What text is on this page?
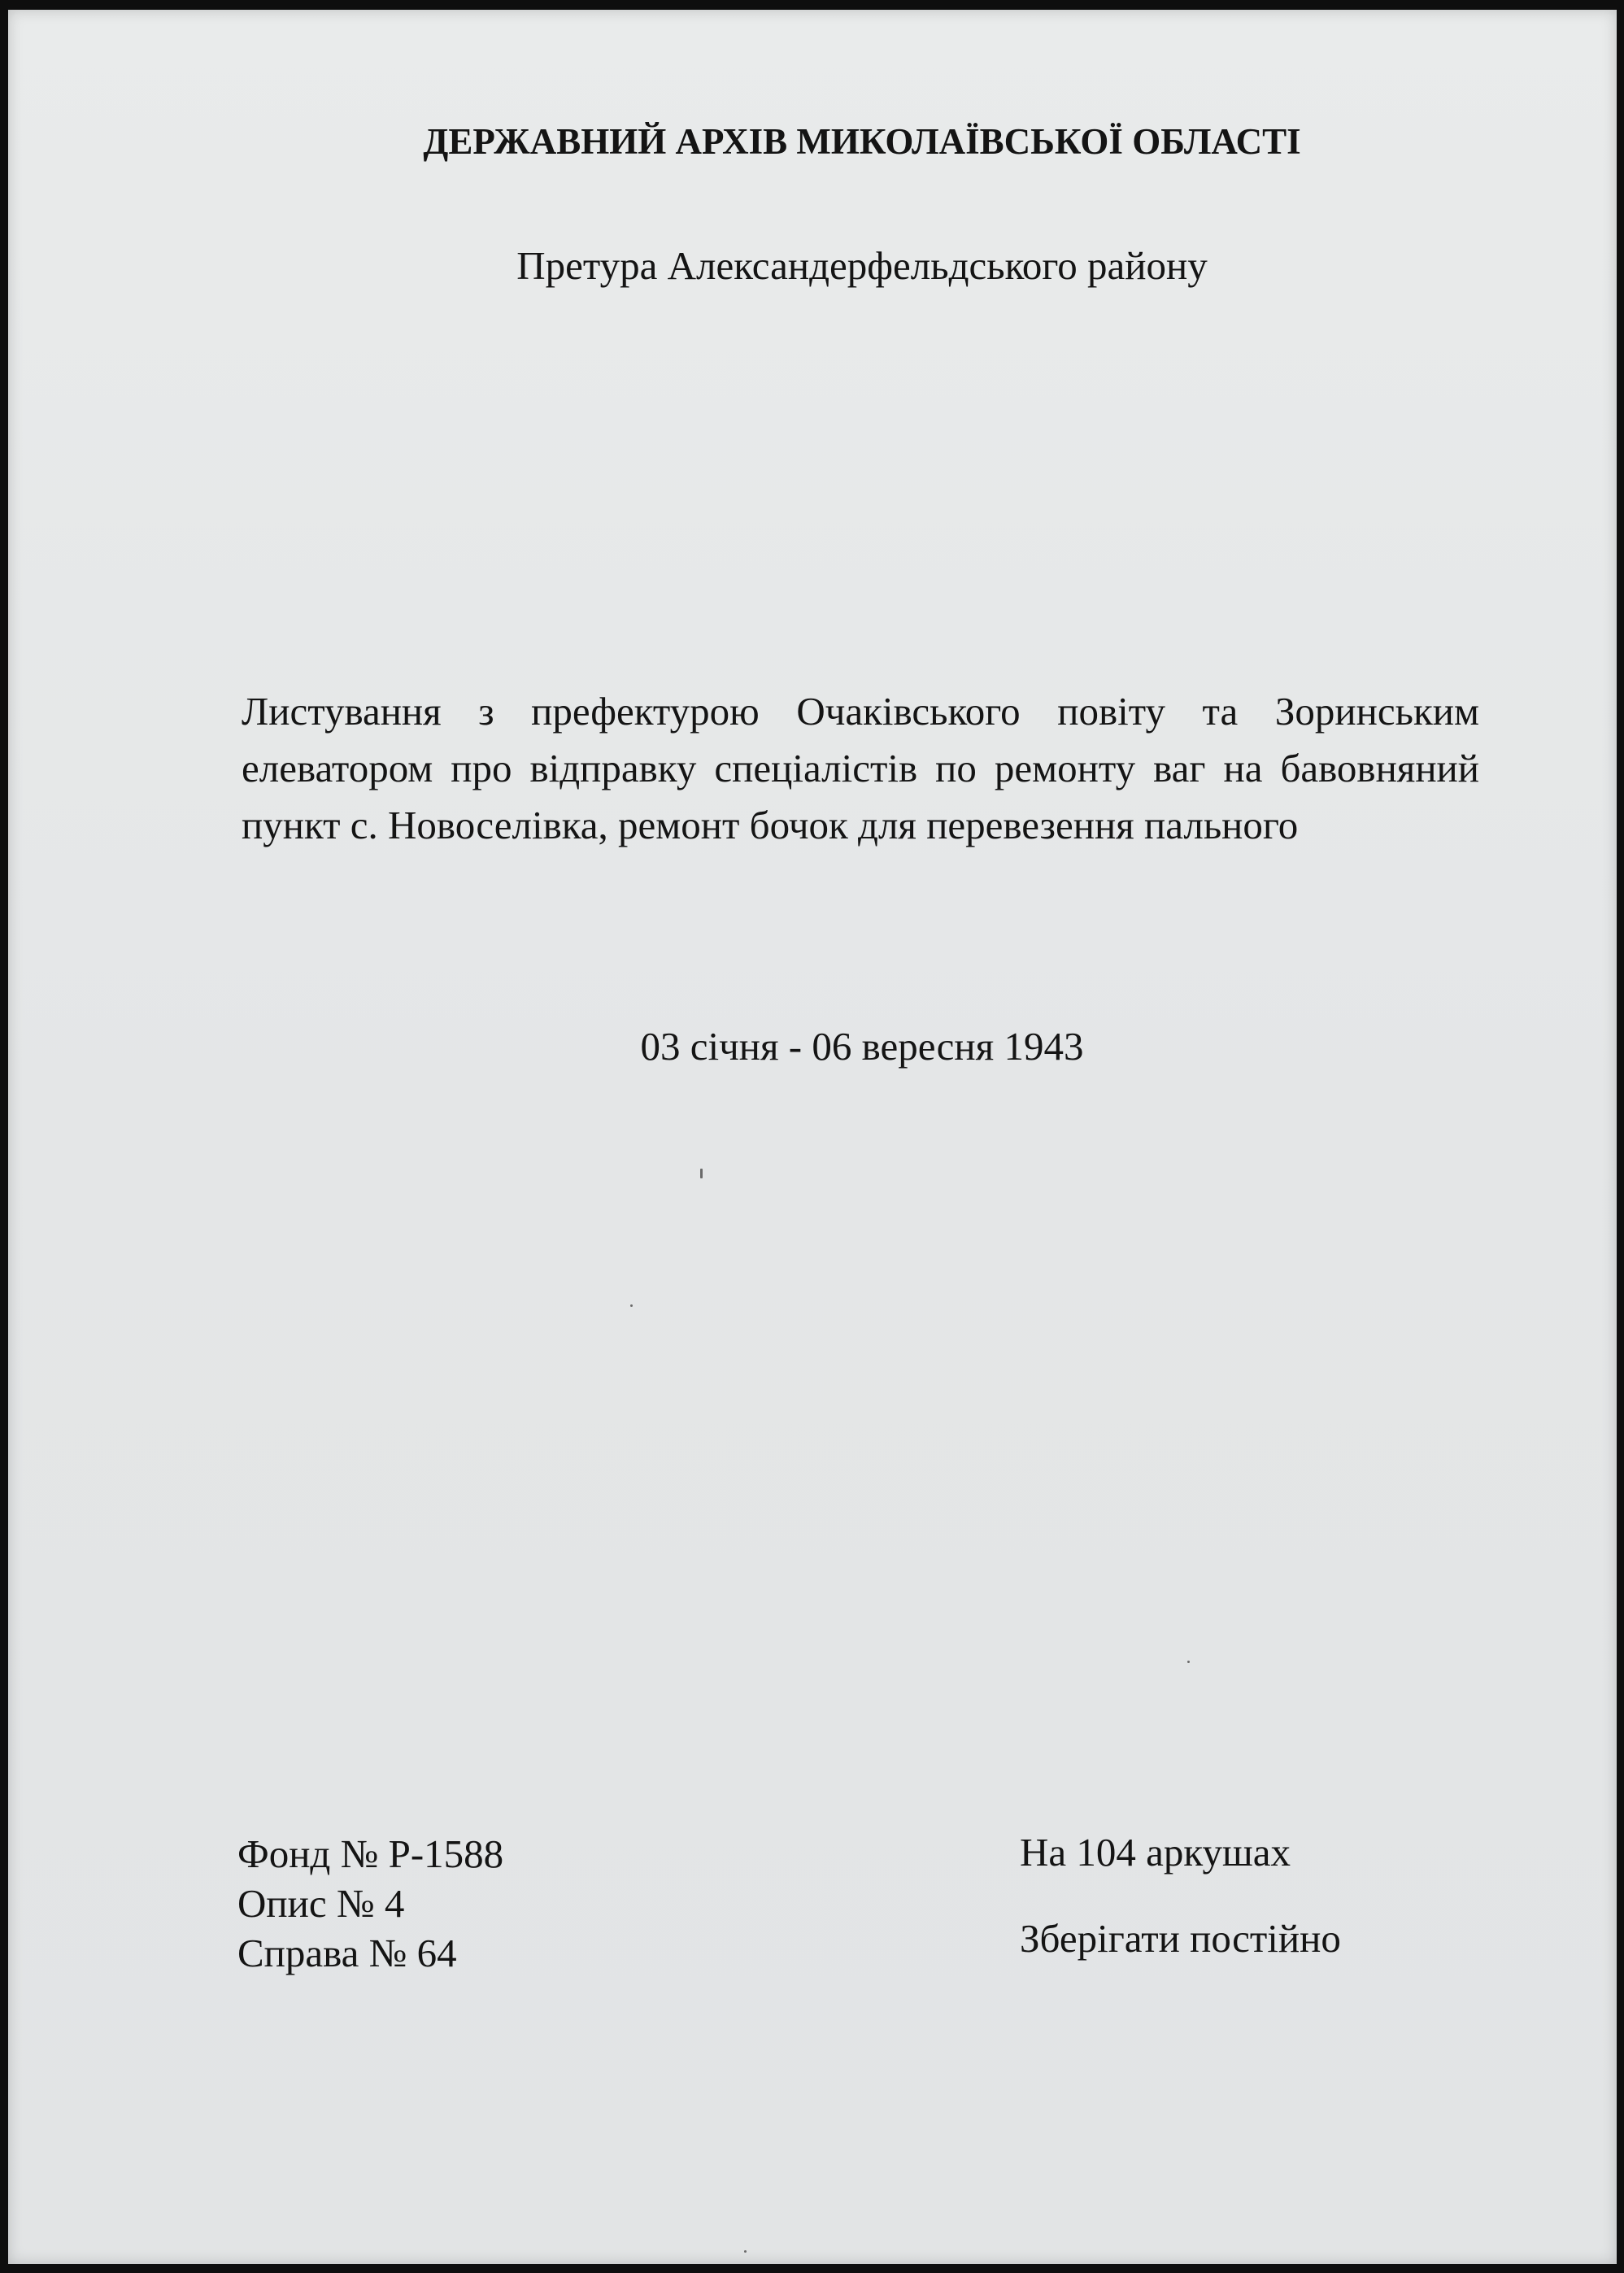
ДЕРЖАВНИЙ АРХІВ МИКОЛАЇВСЬКОЇ ОБЛАСТІ
Претура Александерфельдського району
Листування з префектурою Очаківського повіту та Зоринським елеватором про відправку спеціалістів по ремонту ваг на бавовняний пункт с. Новоселівка, ремонт бочок для перевезення пального
03 січня - 06 вересня 1943
Фонд № Р-1588
Опис № 4
Справа № 64
На 104 аркушах
Зберігати постійно
